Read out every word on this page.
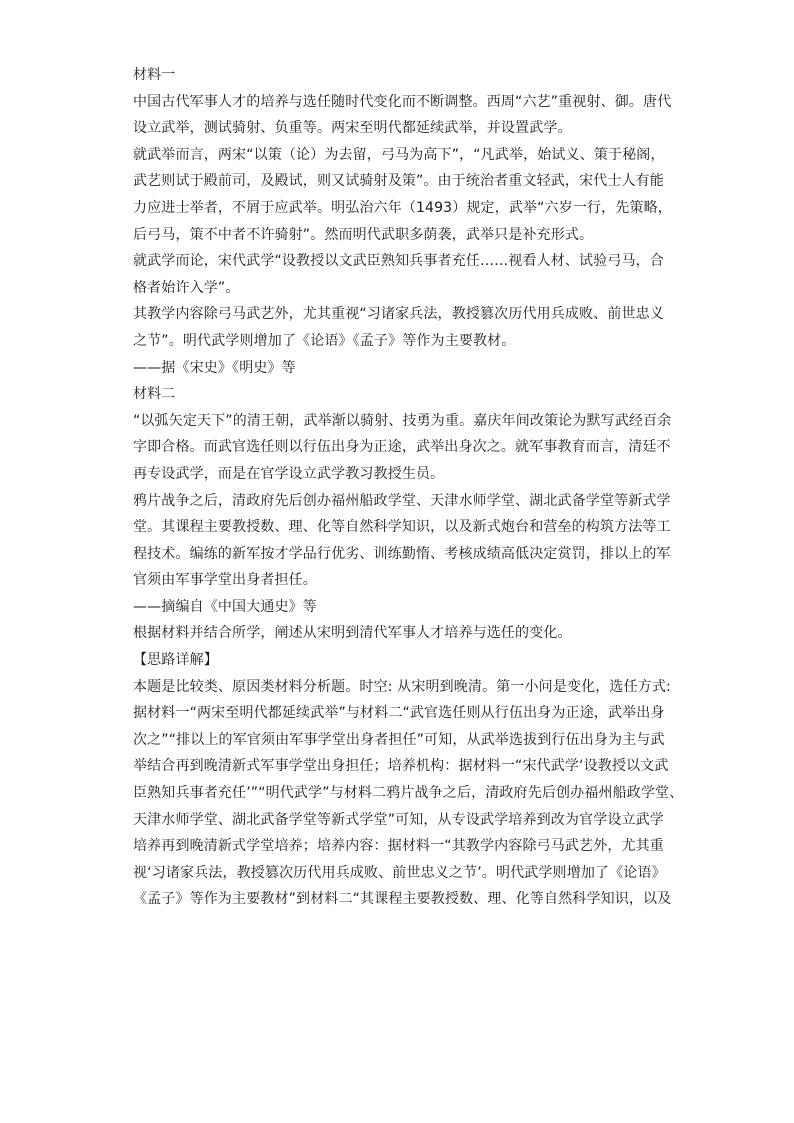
材料一

中国古代军事人才的培养与选任随时代变化而不断调整。西周“六艺”重视射、御。唐代

设立武举，测试骑射、负重等。两宋至明代都延续武举，并设置武学。

就武举而言，两宋“以策（论）为去留，弓马为高下”，“凡武举，始试义、策于秘阁，

武艺则试于殿前司，及殿试，则又试骑射及策”。由于统治者重文轻武，宋代士人有能

力应进士举者，不屑于应武举。明弘治六年（1493）规定，武举“六岁一行，先策略，

后弓马，策不中者不许骑射”。然而明代武职多荫袭，武举只是补充形式。

就武学而论，宋代武学“设教授以文武臣熟知兵事者充任……视看人材、试验弓马，合

格者始许入学”。

其教学内容除弓马武艺外，尤其重视“习诸家兵法，教授篡次历代用兵成败、前世忠义

之节”。明代武学则增加了《论语》《孟子》等作为主要教材。

——据《宋史》《明史》等

材料二

“以弧矢定天下”的清王朝，武举渐以骑射、技勇为重。嘉庆年间改策论为默写武经百余

字即合格。而武官选任则以行伍出身为正途，武举出身次之。就军事教育而言，清廷不

再专设武学，而是在官学设立武学教习教授生员。

鸦片战争之后，清政府先后创办福州船政学堂、天津水师学堂、湖北武备学堂等新式学

堂。其课程主要教授数、理、化等自然科学知识，以及新式炮台和营垒的构筑方法等工

程技术。编练的新军按才学品行优劣、训练勤惰、考核成绩高低决定赏罚，排以上的军

官须由军事学堂出身者担任。

——摘编自《中国大通史》等

根据材料并结合所学，阐述从宋明到清代军事人才培养与选任的变化。

【思路详解】

本题是比较类、原因类材料分析题。时空: 从宋明到晚清。第一小问是变化，选任方式:

据材料一“两宋至明代都延续武举”与材料二“武官选任则从行伍出身为正途，武举出身

次之”“排以上的军官须由军事学堂出身者担任”可知，从武举选拔到行伍出身为主与武

举结合再到晚清新式军事学堂出身担任；培养机构：据材料一“宋代武学‘设教授以文武

臣熟知兵事者充任’”“明代武学”与材料二鸦片战争之后，清政府先后创办福州船政学堂、

天津水师学堂、湖北武备学堂等新式学堂”可知，从专设武学培养到改为官学设立武学

培养再到晚清新式学堂培养；培养内容：据材料一“其教学内容除弓马武艺外，尤其重

视‘习诸家兵法，教授篡次历代用兵成败、前世忠义之节’。明代武学则增加了《论语》

《孟子》等作为主要教材”到材料二“其课程主要教授数、理、化等自然科学知识，以及
